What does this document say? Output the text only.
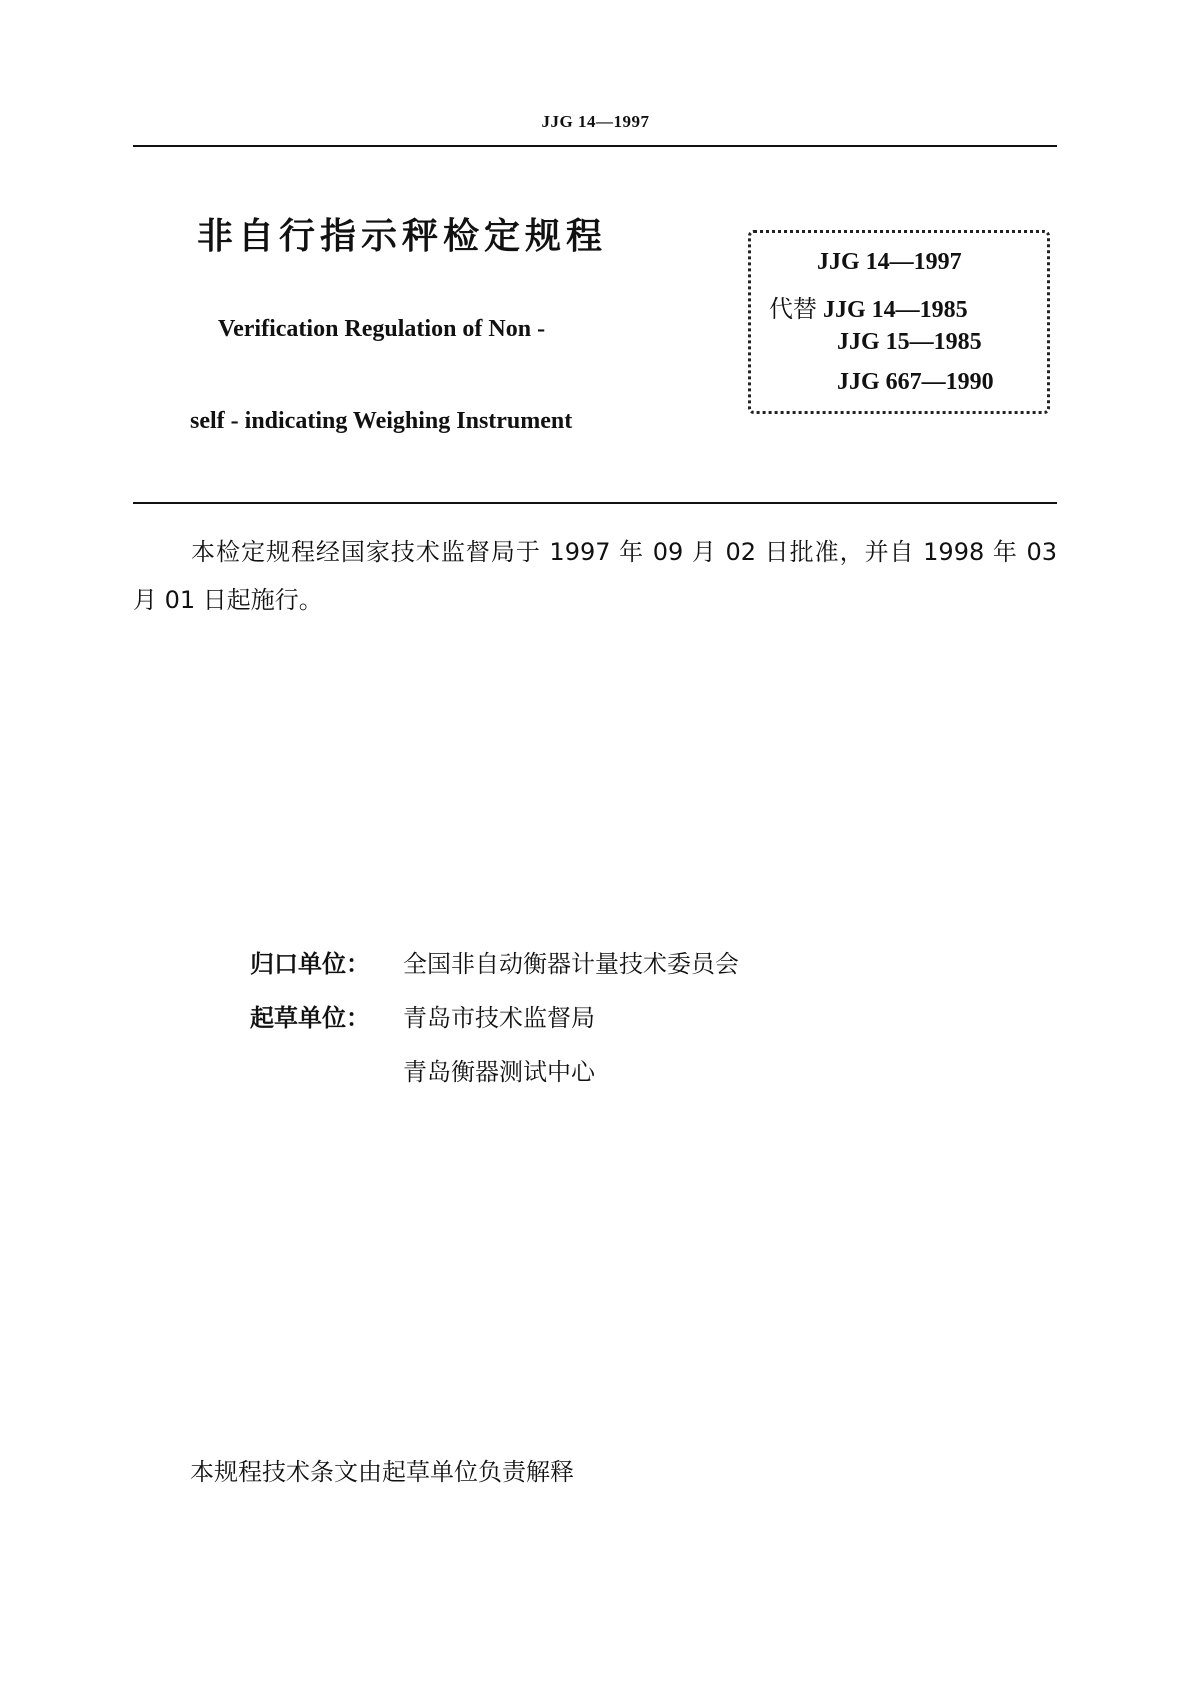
JJG 14—1997
非自行指示秤检定规程
Verification Regulation of Non -
self - indicating Weighing Instrument
JJG 14—1997
代替 JJG 14—1985
JJG 15—1985
JJG 667—1990
本检定规程经国家技术监督局于 1997 年 09 月 02 日批准，并自 1998 年 03 月 01 日起施行。
归口单位： 全国非自动衡器计量技术委员会
起草单位： 青岛市技术监督局
青岛衡器测试中心
本规程技术条文由起草单位负责解释
